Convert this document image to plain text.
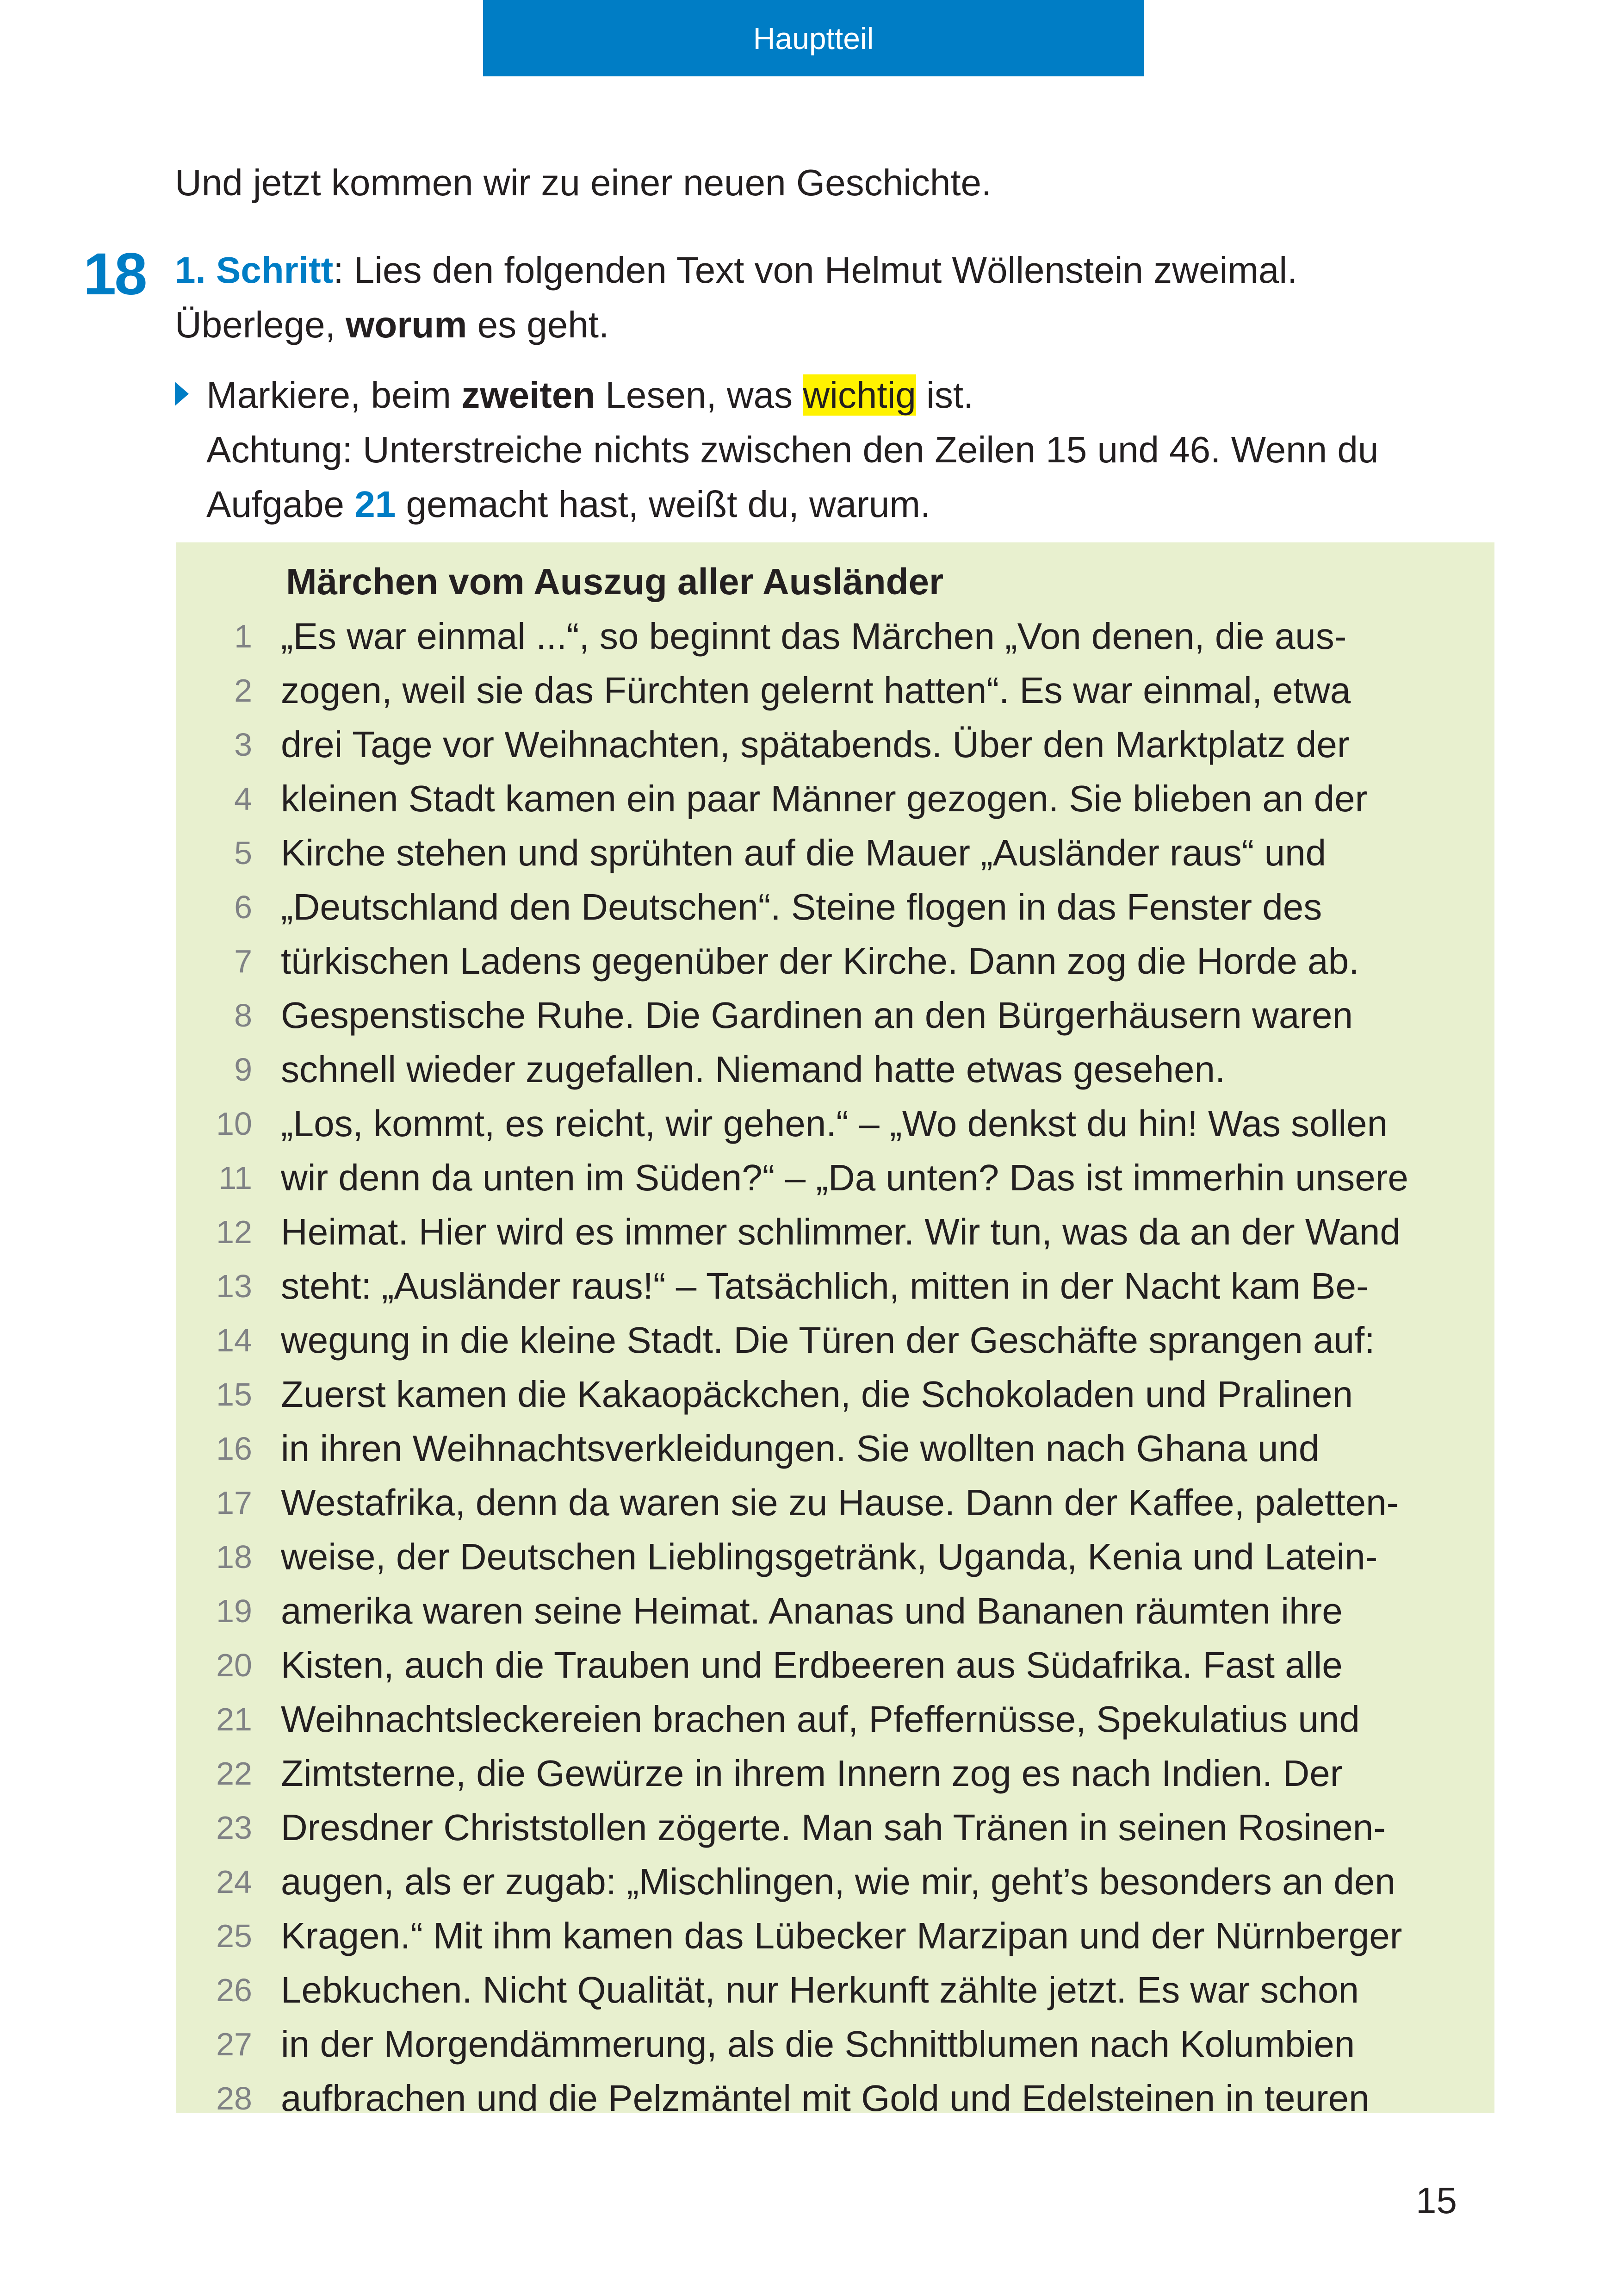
Hauptteil
Und jetzt kommen wir zu einer neuen Geschichte.
18 1. Schritt: Lies den folgenden Text von Helmut Wöllenstein zweimal.
Überlege, worum es geht.
Markiere, beim zweiten Lesen, was wichtig ist.
Achtung: Unterstreiche nichts zwischen den Zeilen 15 und 46. Wenn du
Aufgabe 21 gemacht hast, weißt du, warum.
Märchen vom Auszug aller Ausländer
1 „Es war einmal ...“, so beginnt das Märchen „Von denen, die aus-
2 zogen, weil sie das Fürchten gelernt hatten“. Es war einmal, etwa
3 drei Tage vor Weihnachten, spätabends. Über den Marktplatz der
4 kleinen Stadt kamen ein paar Männer gezogen. Sie blieben an der
5 Kirche stehen und sprühten auf die Mauer „Ausländer raus“ und
6 „Deutschland den Deutschen“. Steine flogen in das Fenster des
7 türkischen Ladens gegenüber der Kirche. Dann zog die Horde ab.
8 Gespenstische Ruhe. Die Gardinen an den Bürgerhäusern waren
9 schnell wieder zugefallen. Niemand hatte etwas gesehen.
10 „Los, kommt, es reicht, wir gehen.“ – „Wo denkst du hin! Was sollen
11 wir denn da unten im Süden?“ – „Da unten? Das ist immerhin unsere
12 Heimat. Hier wird es immer schlimmer. Wir tun, was da an der Wand
13 steht: „Ausländer raus!“ – Tatsächlich, mitten in der Nacht kam Be-
14 wegung in die kleine Stadt. Die Türen der Geschäfte sprangen auf:
15 Zuerst kamen die Kakaopäckchen, die Schokoladen und Pralinen
16 in ihren Weihnachtsverkleidungen. Sie wollten nach Ghana und
17 Westafrika, denn da waren sie zu Hause. Dann der Kaffee, paletten-
18 weise, der Deutschen Lieblingsgetränk, Uganda, Kenia und Latein-
19 amerika waren seine Heimat. Ananas und Bananen räumten ihre
20 Kisten, auch die Trauben und Erdbeeren aus Südafrika. Fast alle
21 Weihnachtsleckereien brachen auf, Pfeffernüsse, Spekulatius und
22 Zimtsterne, die Gewürze in ihrem Innern zog es nach Indien. Der
23 Dresdner Christstollen zögerte. Man sah Tränen in seinen Rosinen-
24 augen, als er zugab: „Mischlingen, wie mir, geht’s besonders an den
25 Kragen.“ Mit ihm kamen das Lübecker Marzipan und der Nürnberger
26 Lebkuchen. Nicht Qualität, nur Herkunft zählte jetzt. Es war schon
27 in der Morgendämmerung, als die Schnittblumen nach Kolumbien
28 aufbrachen und die Pelzmäntel mit Gold und Edelsteinen in teuren
15
